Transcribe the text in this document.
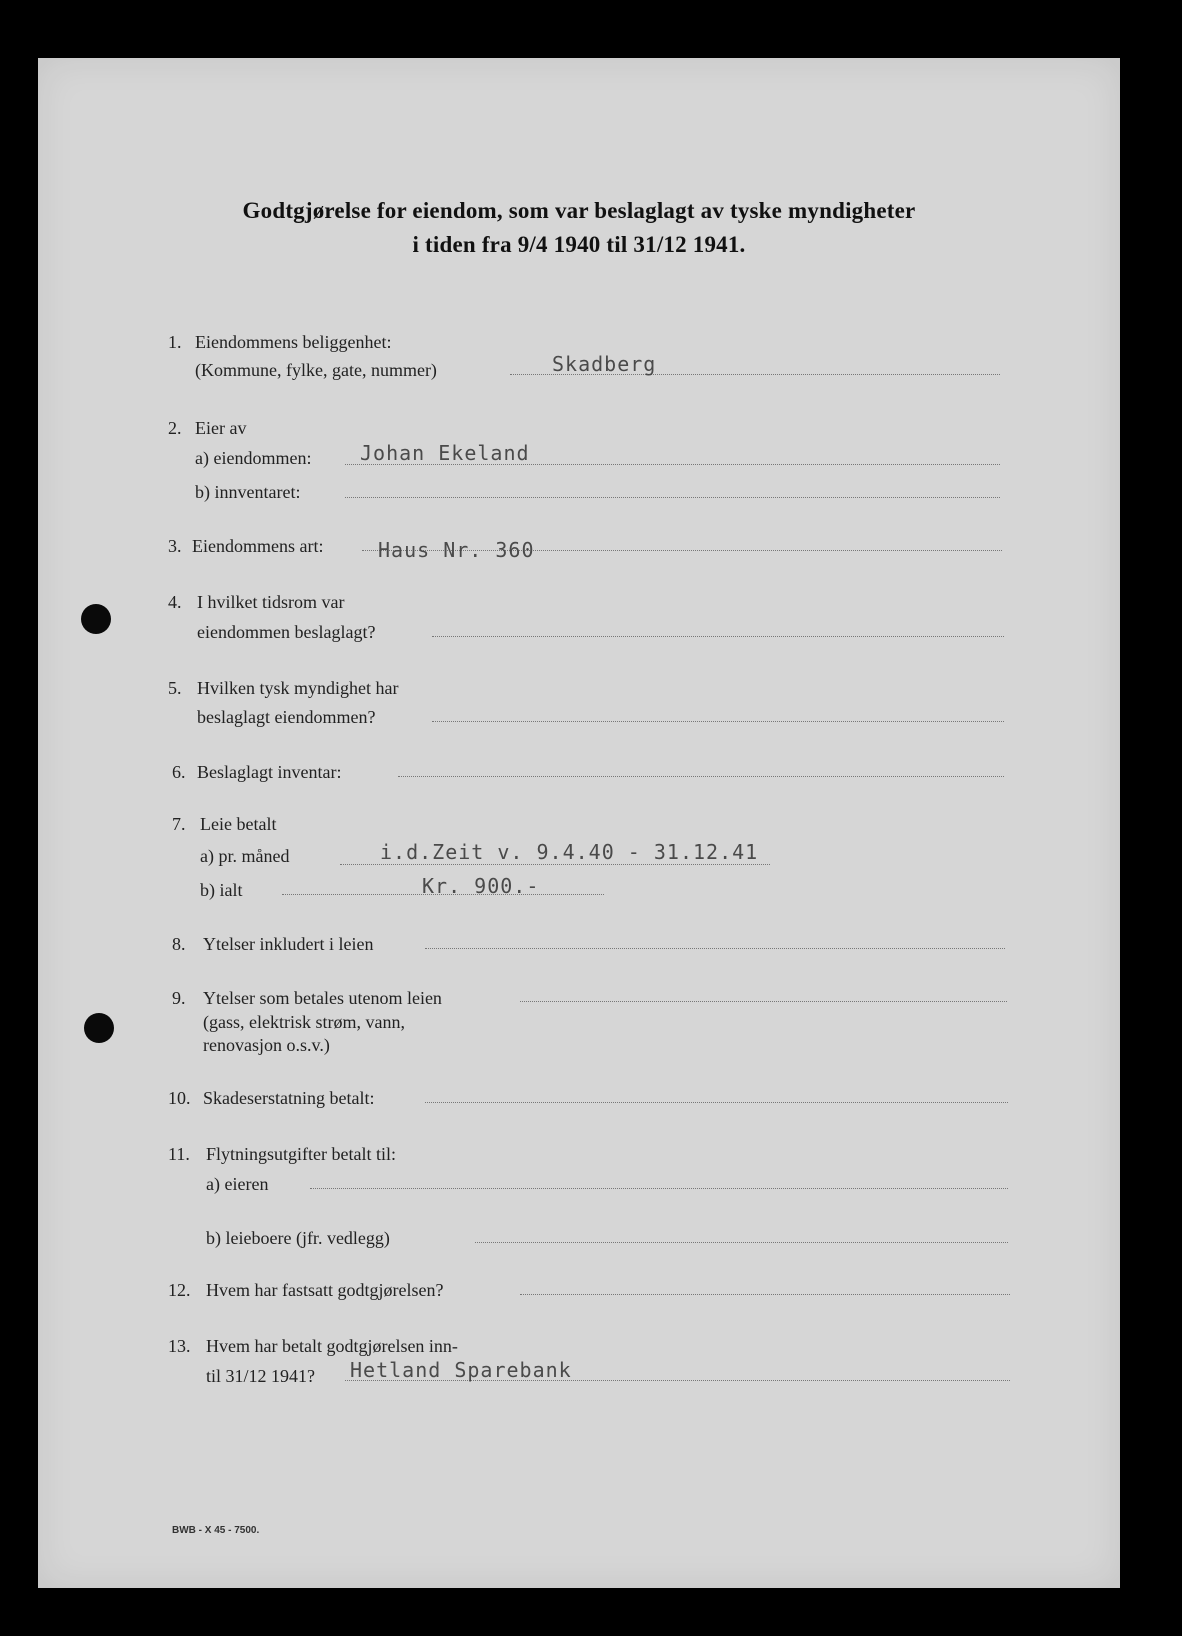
Godtgjørelse for eiendom, som var beslaglagt av tyske myndigheter
i tiden fra 9/4 1940 til 31/12 1941.
1. Eiendommens beliggenhet:
(Kommune, fylke, gate, nummer)	Skadberg
2. Eier av
a) eiendommen: Johan Ekeland
b) innventaret:
3. Eiendommens art:	Haus Nr. 360
4. I hvilket tidsrom var
eiendommen beslaglagt?
5. Hvilken tysk myndighet har
beslaglagt eiendommen?
6. Beslaglagt inventar:
7. Leie betalt
a) pr. måned	i.d.Zeit v. 9.4.40 - 31.12.41
b) ialt	Kr. 900.-
8. Ytelser inkludert i leien
9. Ytelser som betales utenom leien
(gass, elektrisk strøm, vann,
renovasjon o.s.v.)
10. Skadeserstatning betalt:
11. Flytningsutgifter betalt til:
a) eieren
b) leieboere (jfr. vedlegg)
12. Hvem har fastsatt godtgjørelsen?
13. Hvem har betalt godtgjørelsen inn-
til 31/12 1941? Hetland Sparebank
BWB - X 45 - 7500.
